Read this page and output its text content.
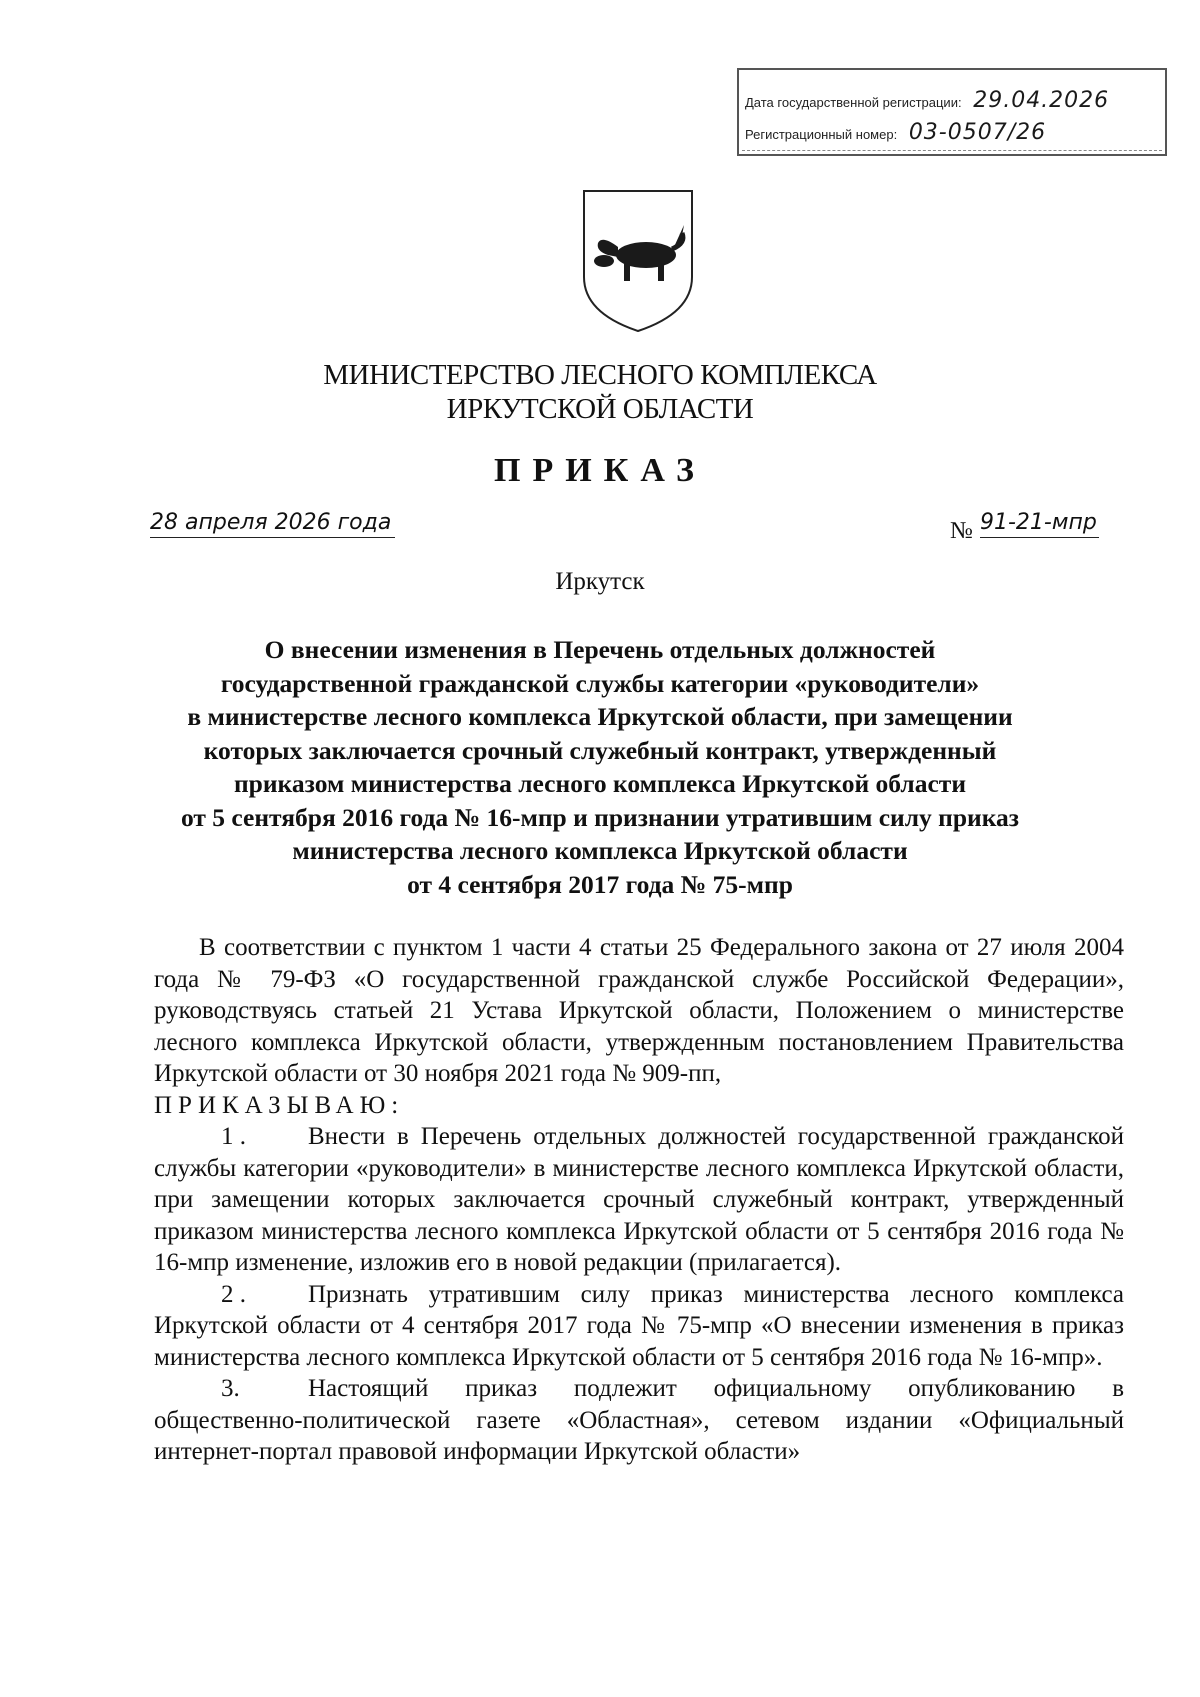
Дата государственной регистрации: 29.04.2026
Регистрационный номер: 03-0507/26
МИНИСТЕРСТВО ЛЕСНОГО КОМПЛЕКСА
ИРКУТСКОЙ ОБЛАСТИ
ПРИКАЗ
28 апреля 2026 года	№ 91-21-мпр
Иркутск
О внесении изменения в Перечень отдельных должностей
государственной гражданской службы категории «руководители»
в министерстве лесного комплекса Иркутской области, при замещении
которых заключается срочный служебный контракт, утвержденный
приказом министерства лесного комплекса Иркутской области
от 5 сентября 2016 года № 16-мпр и признании утратившим силу приказ
министерства лесного комплекса Иркутской области
от 4 сентября 2017 года № 75-мпр

В соответствии с пунктом 1 части 4 статьи 25 Федерального закона от 27 июля 2004 года № 79-ФЗ «О государственной гражданской службе Российской Федерации», руководствуясь статьей 21 Устава Иркутской области, Положением о министерстве лесного комплекса Иркутской области, утвержденным постановлением Правительства Иркутской области от 30 ноября 2021 года № 909-пп,

ПРИКАЗЫВАЮ:

1 . Внести в Перечень отдельных должностей государственной гражданской службы категории «руководители» в министерстве лесного комплекса Иркутской области, при замещении которых заключается срочный служебный контракт, утвержденный приказом министерства лесного комплекса Иркутской области от 5 сентября 2016 года № 16-мпр изменение, изложив его в новой редакции (прилагается).

2 . Признать утратившим силу приказ министерства лесного комплекса Иркутской области от 4 сентября 2017 года № 75-мпр «О внесении изменения в приказ министерства лесного комплекса Иркутской области от 5 сентября 2016 года № 16-мпр».

3.	Настоящий приказ подлежит официальному опубликованию в общественно-политической газете «Областная», сетевом издании «Официальный интернет-портал правовой информации Иркутской области»
